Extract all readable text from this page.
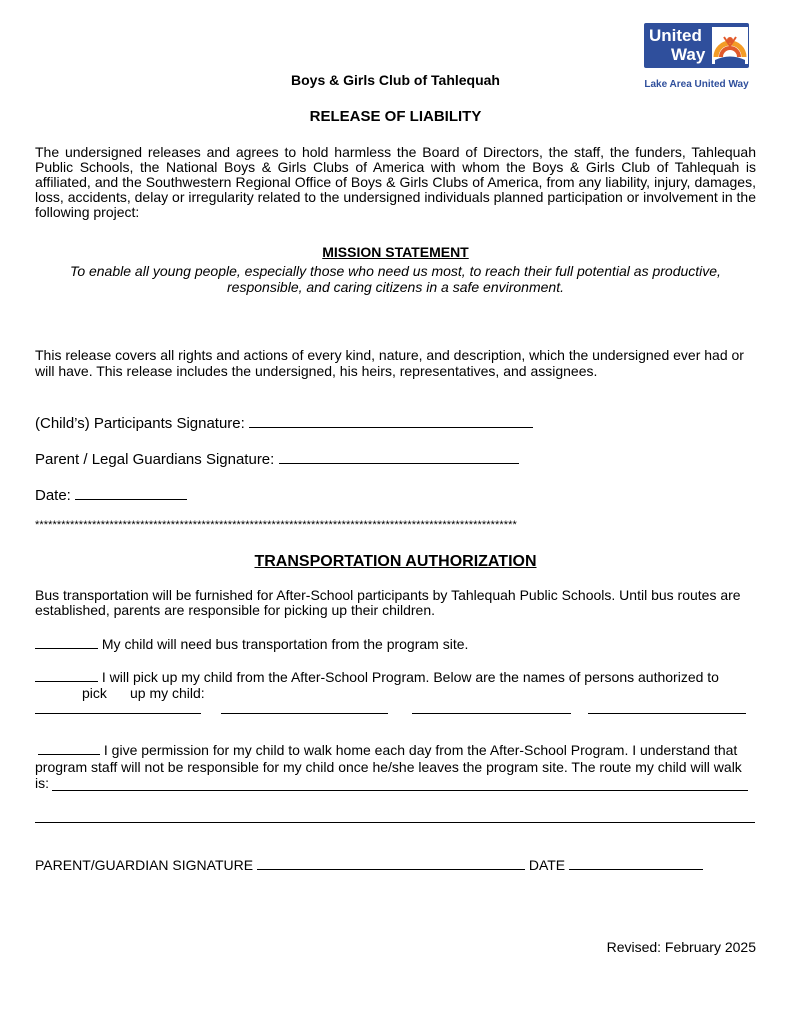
United
Way
Lake Area United Way
Boys & Girls Club of Tahlequah
RELEASE OF LIABILITY
The undersigned releases and agrees to hold harmless the Board of Directors, the staff, the funders, Tahlequah Public Schools, the National Boys & Girls Clubs of America with whom the Boys & Girls Club of Tahlequah is affiliated, and the Southwestern Regional Office of Boys & Girls Clubs of America, from any liability, injury, damages, loss, accidents, delay or irregularity related to the undersigned individuals planned participation or involvement in the following project:
MISSION STATEMENT
To enable all young people, especially those who need us most, to reach their full potential as productive,
responsible, and caring citizens in a safe environment.
This release covers all rights and actions of every kind, nature, and description, which the undersigned ever had or will have. This release includes the undersigned, his heirs, representatives, and assignees.
(Child’s) Participants Signature:
Parent / Legal Guardians Signature:
Date:
**************************************************************************************************************
TRANSPORTATION AUTHORIZATION
Bus transportation will be furnished for After-School participants by Tahlequah Public Schools. Until bus routes are established, parents are responsible for picking up their children.
My child will need bus transportation from the program site.
I will pick up my child from the After-School Program. Below are the names of persons authorized to
pick up my child:
I give permission for my child to walk home each day from the After-School Program. I understand that
program staff will not be responsible for my child once he/she leaves the program site. The route my child will walk
is:
PARENT/GUARDIAN SIGNATURE	DATE
Revised: February 2025
